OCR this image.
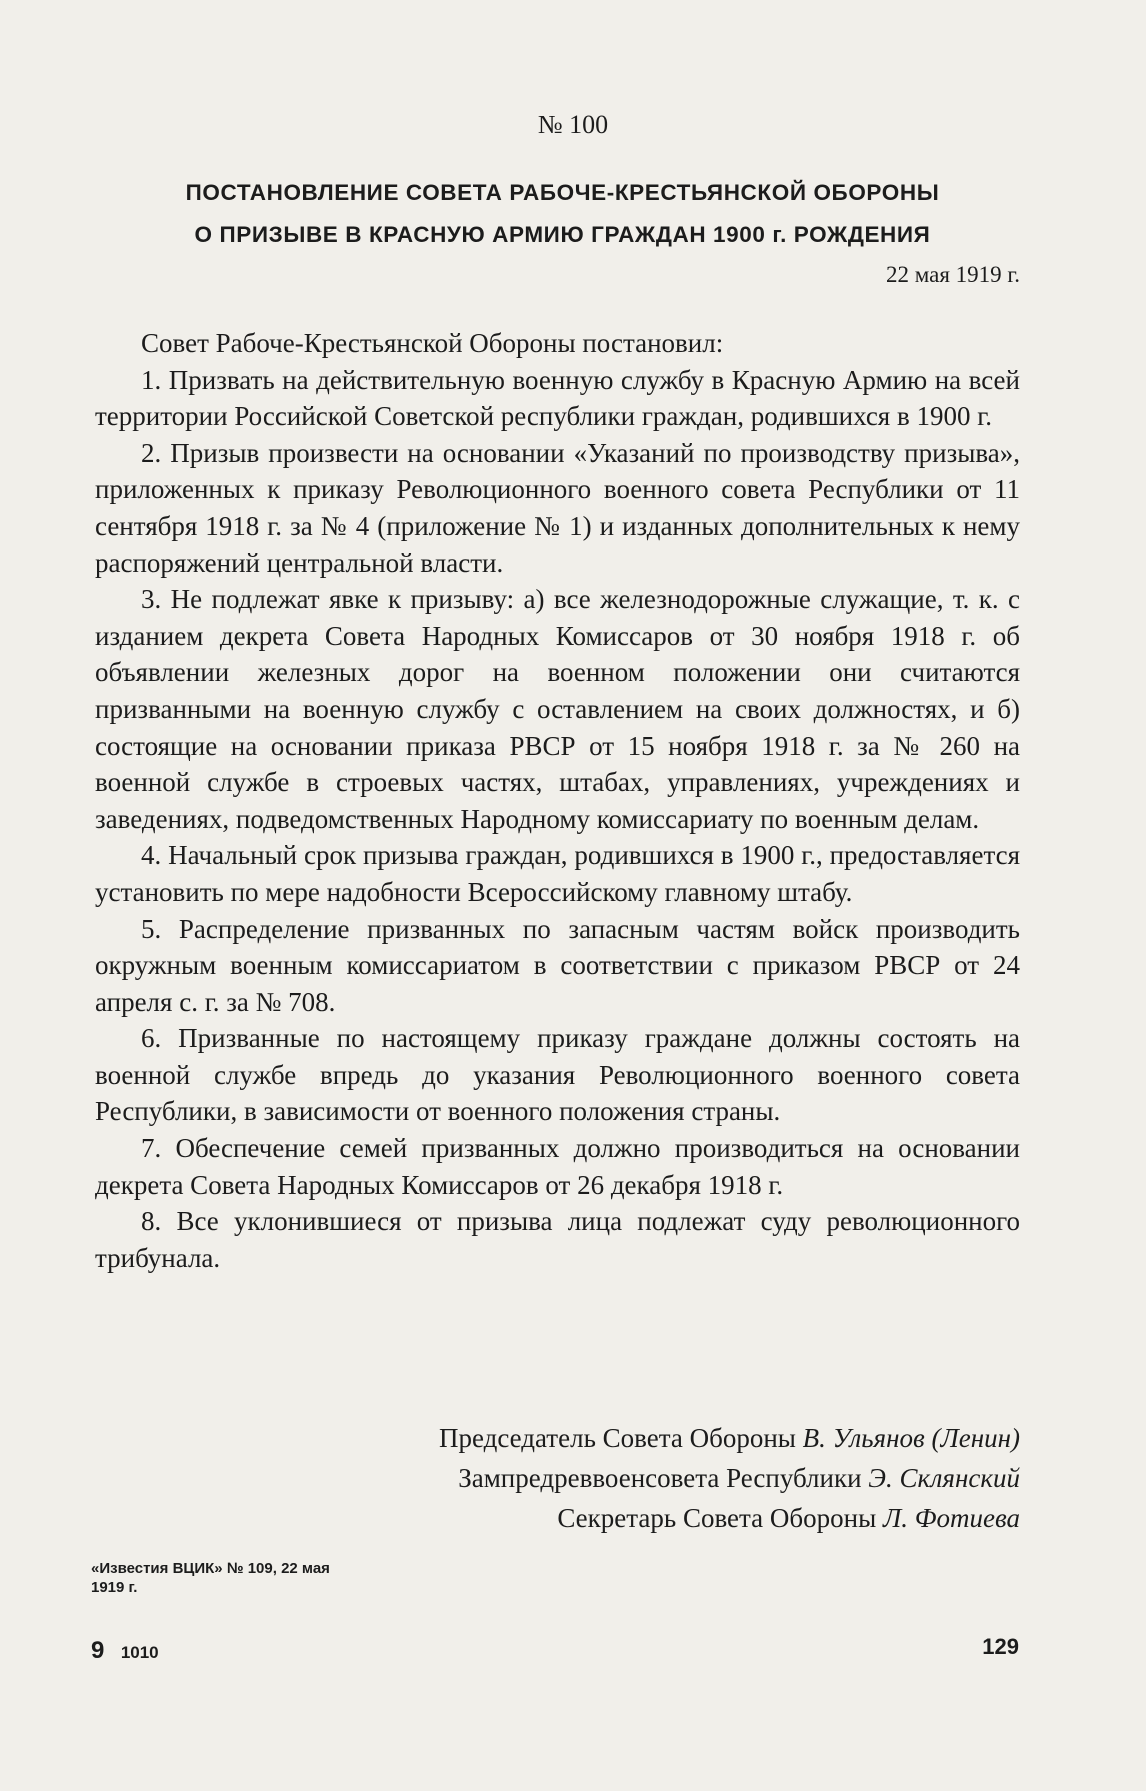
№ 100
ПОСТАНОВЛЕНИЕ СОВЕТА РАБОЧЕ-КРЕСТЬЯНСКОЙ ОБОРОНЫ
О ПРИЗЫВЕ В КРАСНУЮ АРМИЮ ГРАЖДАН 1900 г. РОЖДЕНИЯ
22 мая 1919 г.

Совет Рабоче-Крестьянской Обороны постановил:

1. Призвать на действительную военную службу в Красную Армию на всей территории Российской Советской республики граждан, родившихся в 1900 г.

2. Призыв произвести на основании «Указаний по производству призыва», приложенных к приказу Революционного военного совета Республики от 11 сентября 1918 г. за № 4 (приложение № 1) и изданных дополнительных к нему распоряжений центральной власти.

3. Не подлежат явке к призыву: а) все железнодорожные служащие, т. к. с изданием декрета Совета Народных Комиссаров от 30 ноября 1918 г. об объявлении железных дорог на военном положении они считаются призванными на военную службу с оставлением на своих должностях, и б) состоящие на основании приказа РВСР от 15 ноября 1918 г. за № 260 на военной службе в строевых частях, штабах, управлениях, учреждениях и заведениях, подведомственных Народному комиссариату по военным делам.

4. Начальный срок призыва граждан, родившихся в 1900 г., предоставляется установить по мере надобности Всероссийскому главному штабу.

5. Распределение призванных по запасным частям войск производить окружным военным комиссариатом в соответствии с приказом РВСР от 24 апреля с. г. за № 708.

6. Призванные по настоящему приказу граждане должны состоять на военной службе впредь до указания Революционного военного совета Республики, в зависимости от военного положения страны.

7. Обеспечение семей призванных должно производиться на основании декрета Совета Народных Комиссаров от 26 декабря 1918 г.

8. Все уклонившиеся от призыва лица подлежат суду революционного трибунала.

Председатель Совета Обороны В. Ульянов (Ленин)
Зампредреввоенсовета Республики Э. Склянский
Секретарь Совета Обороны Л. Фотиева
«Известия ВЦИК» № 109, 22 мая
1919 г.
9 1010	129
